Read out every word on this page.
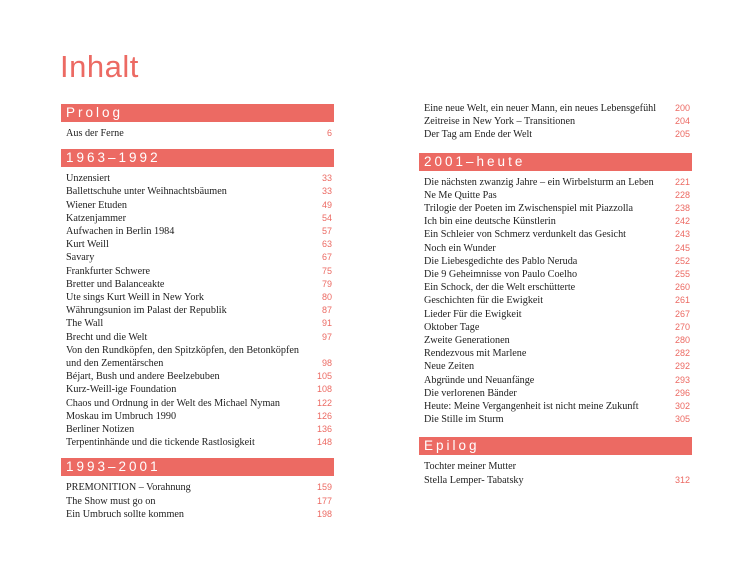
Inhalt
Prolog
Aus der Ferne	6
1963–1992
Unzensiert	33
Ballettschuhe unter Weihnachtsbäumen	33
Wiener Etuden	49
Katzenjammer	54
Aufwachen in Berlin 1984	57
Kurt Weill	63
Savary	67
Frankfurter Schwere	75
Bretter und Balanceakte	79
Ute sings Kurt Weill in New York	80
Währungsunion im Palast der Republik	87
The Wall	91
Brecht und die Welt	97
Von den Rundköpfen, den Spitzköpfen, den Betonköpfen und den Zementärschen	98
Béjart, Bush und andere Beelzebuben	105
Kurz-Weill-ige Foundation	108
Chaos und Ordnung in der Welt des Michael Nyman	122
Moskau im Umbruch 1990	126
Berliner Notizen	136
Terpentinhände und die tickende Rastlosigkeit	148
1993–2001
PREMONITION – Vorahnung	159
The Show must go on	177
Ein Umbruch sollte kommen	198
Eine neue Welt, ein neuer Mann, ein neues Lebensgefühl	200
Zeitreise in New York – Transitionen	204
Der Tag am Ende der Welt	205
2001–heute
Die nächsten zwanzig Jahre – ein Wirbelsturm an Leben	221
Ne Me Quitte Pas	228
Trilogie der Poeten im Zwischenspiel mit Piazzolla	238
Ich bin eine deutsche Künstlerin	242
Ein Schleier von Schmerz verdunkelt das Gesicht	243
Noch ein Wunder	245
Die Liebesgedichte des Pablo Neruda	252
Die 9 Geheimnisse von Paulo Coelho	255
Ein Schock, der die Welt erschütterte	260
Geschichten für die Ewigkeit	261
Lieder Für die Ewigkeit	267
Oktober Tage	270
Zweite Generationen	280
Rendezvous mit Marlene	282
Neue Zeiten	292
Abgründe und Neuanfänge	293
Die verlorenen Bänder	296
Heute: Meine Vergangenheit ist nicht meine Zukunft	302
Die Stille im Sturm	305
Epilog
Tochter meiner Mutter
Stella Lemper- Tabatsky	312
